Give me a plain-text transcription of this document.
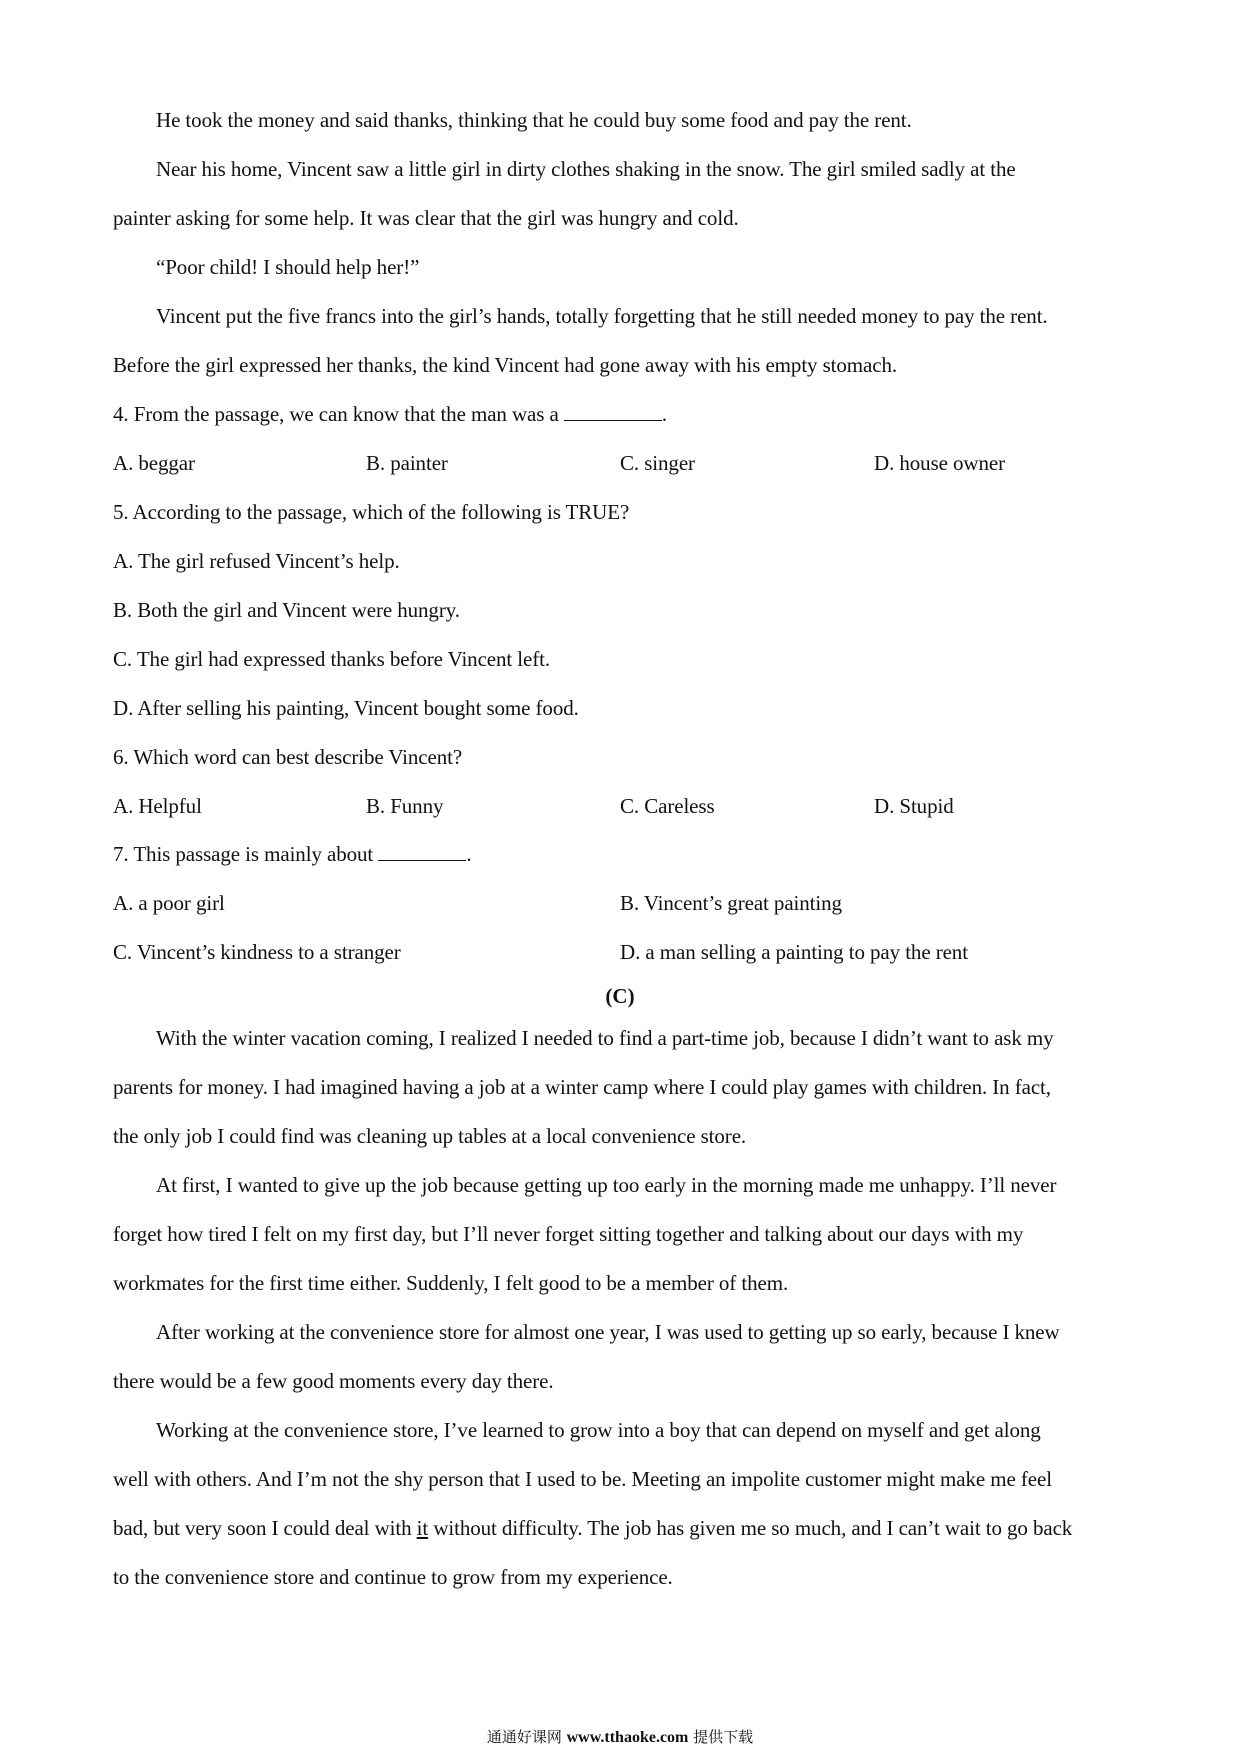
He took the money and said thanks, thinking that he could buy some food and pay the rent.
Near his home, Vincent saw a little girl in dirty clothes shaking in the snow. The girl smiled sadly at the
painter asking for some help. It was clear that the girl was hungry and cold.
“Poor child! I should help her!”
Vincent put the five francs into the girl’s hands, totally forgetting that he still needed money to pay the rent.
Before the girl expressed her thanks, the kind Vincent had gone away with his empty stomach.
4. From the passage, we can know that the man was a	.
A. beggar	B. painter	C. singer	D. house owner
5. According to the passage, which of the following is TRUE?
A. The girl refused Vincent’s help.
B. Both the girl and Vincent were hungry.
C. The girl had expressed thanks before Vincent left.
D. After selling his painting, Vincent bought some food.
6. Which word can best describe Vincent?
A. Helpful	B. Funny	C. Careless	D. Stupid
7. This passage is mainly about	.
A. a poor girl	B. Vincent’s great painting
C. Vincent’s kindness to a stranger	D. a man selling a painting to pay the rent
(C)
With the winter vacation coming, I realized I needed to find a part-time job, because I didn’t want to ask my
parents for money. I had imagined having a job at a winter camp where I could play games with children. In fact,
the only job I could find was cleaning up tables at a local convenience store.
At first, I wanted to give up the job because getting up too early in the morning made me unhappy. I’ll never
forget how tired I felt on my first day, but I’ll never forget sitting together and talking about our days with my
workmates for the first time either. Suddenly, I felt good to be a member of them.
After working at the convenience store for almost one year, I was used to getting up so early, because I knew
there would be a few good moments every day there.
Working at the convenience store, I’ve learned to grow into a boy that can depend on myself and get along
well with others. And I’m not the shy person that I used to be. Meeting an impolite customer might make me feel
bad, but very soon I could deal with it without difficulty. The job has given me so much, and I can’t wait to go back
to the convenience store and continue to grow from my experience.
通通好课网 www.tthaoke.com 提供下载
